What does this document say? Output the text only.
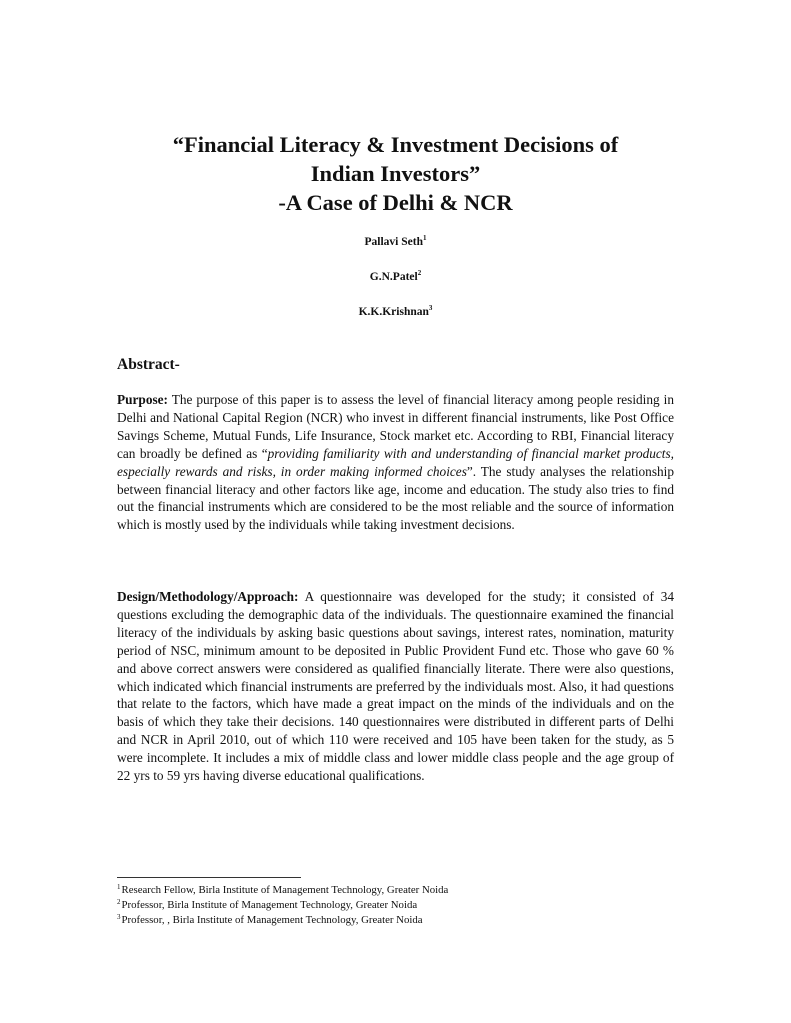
“Financial Literacy & Investment Decisions of
Indian Investors”
-A Case of Delhi & NCR
Pallavi Seth$^1$
G.N.Patel$^2$
K.K.Krishnan$^3$
Abstract-
Purpose: The purpose of this paper is to assess the level of financial literacy among people residing in Delhi and National Capital Region (NCR) who invest in different financial instruments, like Post Office Savings Scheme, Mutual Funds, Life Insurance, Stock market etc. According to RBI, Financial literacy can broadly be defined as “providing familiarity with and understanding of financial market products, especially rewards and risks, in order making informed choices”. The study analyses the relationship between financial literacy and other factors like age, income and education. The study also tries to find out the financial instruments which are considered to be the most reliable and the source of information which is mostly used by the individuals while taking investment decisions.
Design/Methodology/Approach: A questionnaire was developed for the study; it consisted of 34 questions excluding the demographic data of the individuals. The questionnaire examined the financial literacy of the individuals by asking basic questions about savings, interest rates, nomination, maturity period of NSC, minimum amount to be deposited in Public Provident Fund etc. Those who gave 60 % and above correct answers were considered as qualified financially literate. There were also questions, which indicated which financial instruments are preferred by the individuals most. Also, it had questions that relate to the factors, which have made a great impact on the minds of the individuals and on the basis of which they take their decisions. 140 questionnaires were distributed in different parts of Delhi and NCR in April 2010, out of which 110 were received and 105 have been taken for the study, as 5 were incomplete. It includes a mix of middle class and lower middle class people and the age group of 22 yrs to 59 yrs having diverse educational qualifications.
$^1$Research Fellow, Birla Institute of Management Technology, Greater Noida
$^2$Professor, Birla Institute of Management Technology, Greater Noida
$^3$Professor, , Birla Institute of Management Technology, Greater Noida
